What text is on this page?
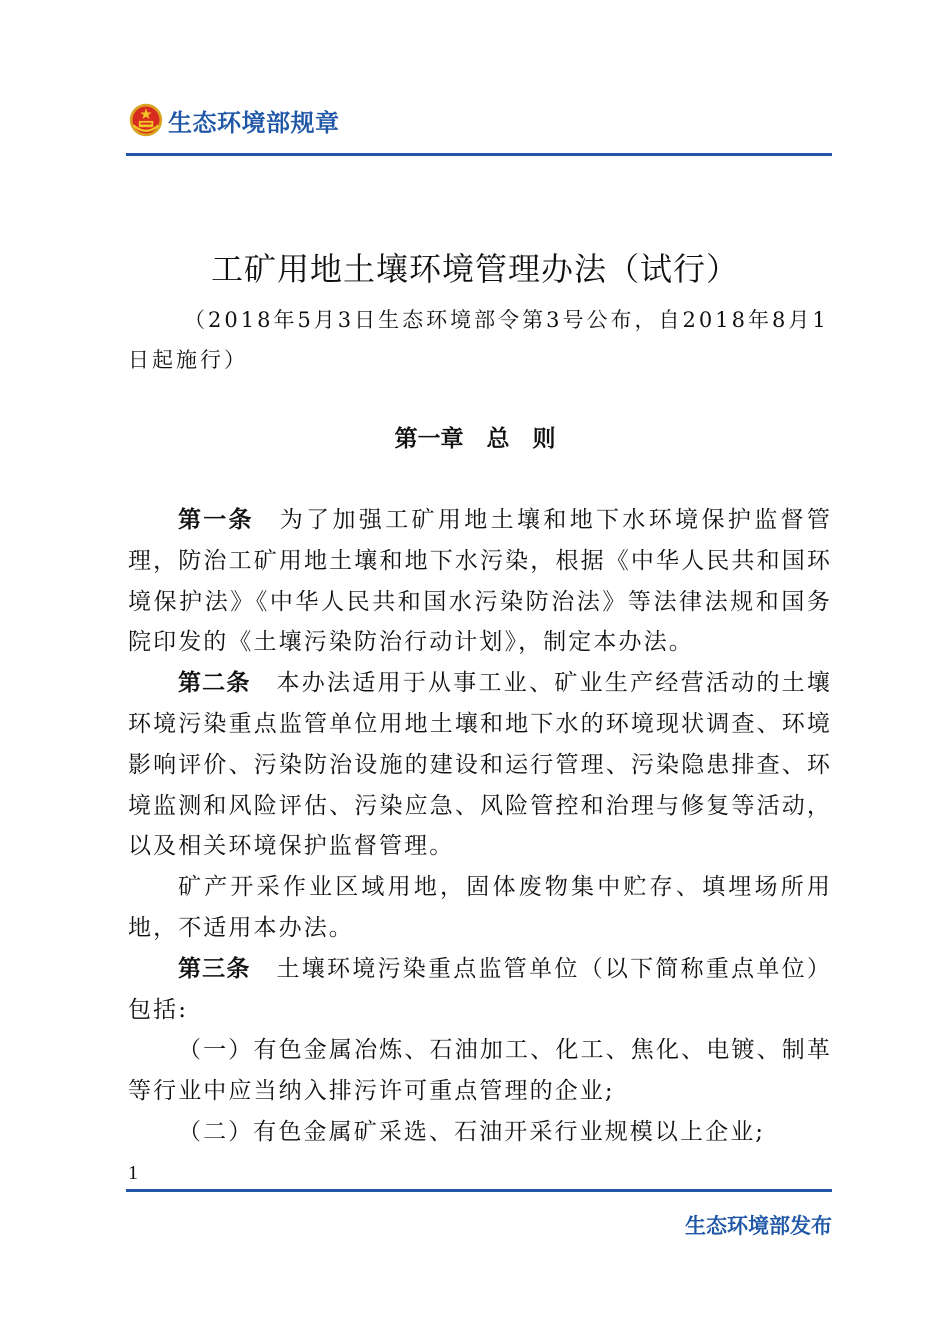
生态环境部规章
工矿用地土壤环境管理办法（试行）
（2018年5月3日生态环境部令第3号公布，自2018年8月1日起施行）
第一章　总　则

第一条 为了加强工矿用地土壤和地下水环境保护监督管理，防治工矿用地土壤和地下水污染，根据《中华人民共和国环境保护法》《中华人民共和国水污染防治法》等法律法规和国务院印发的《土壤污染防治行动计划》，制定本办法。

第二条 本办法适用于从事工业、矿业生产经营活动的土壤环境污染重点监管单位用地土壤和地下水的环境现状调查、环境影响评价、污染防治设施的建设和运行管理、污染隐患排查、环境监测和风险评估、污染应急、风险管控和治理与修复等活动，以及相关环境保护监督管理。

矿产开采作业区域用地，固体废物集中贮存、填埋场所用地，不适用本办法。

第三条 土壤环境污染重点监管单位（以下简称重点单位）包括:

（一）有色金属冶炼、石油加工、化工、焦化、电镀、制革等行业中应当纳入排污许可重点管理的企业;

（二）有色金属矿采选、石油开采行业规模以上企业;

1
生态环境部发布
